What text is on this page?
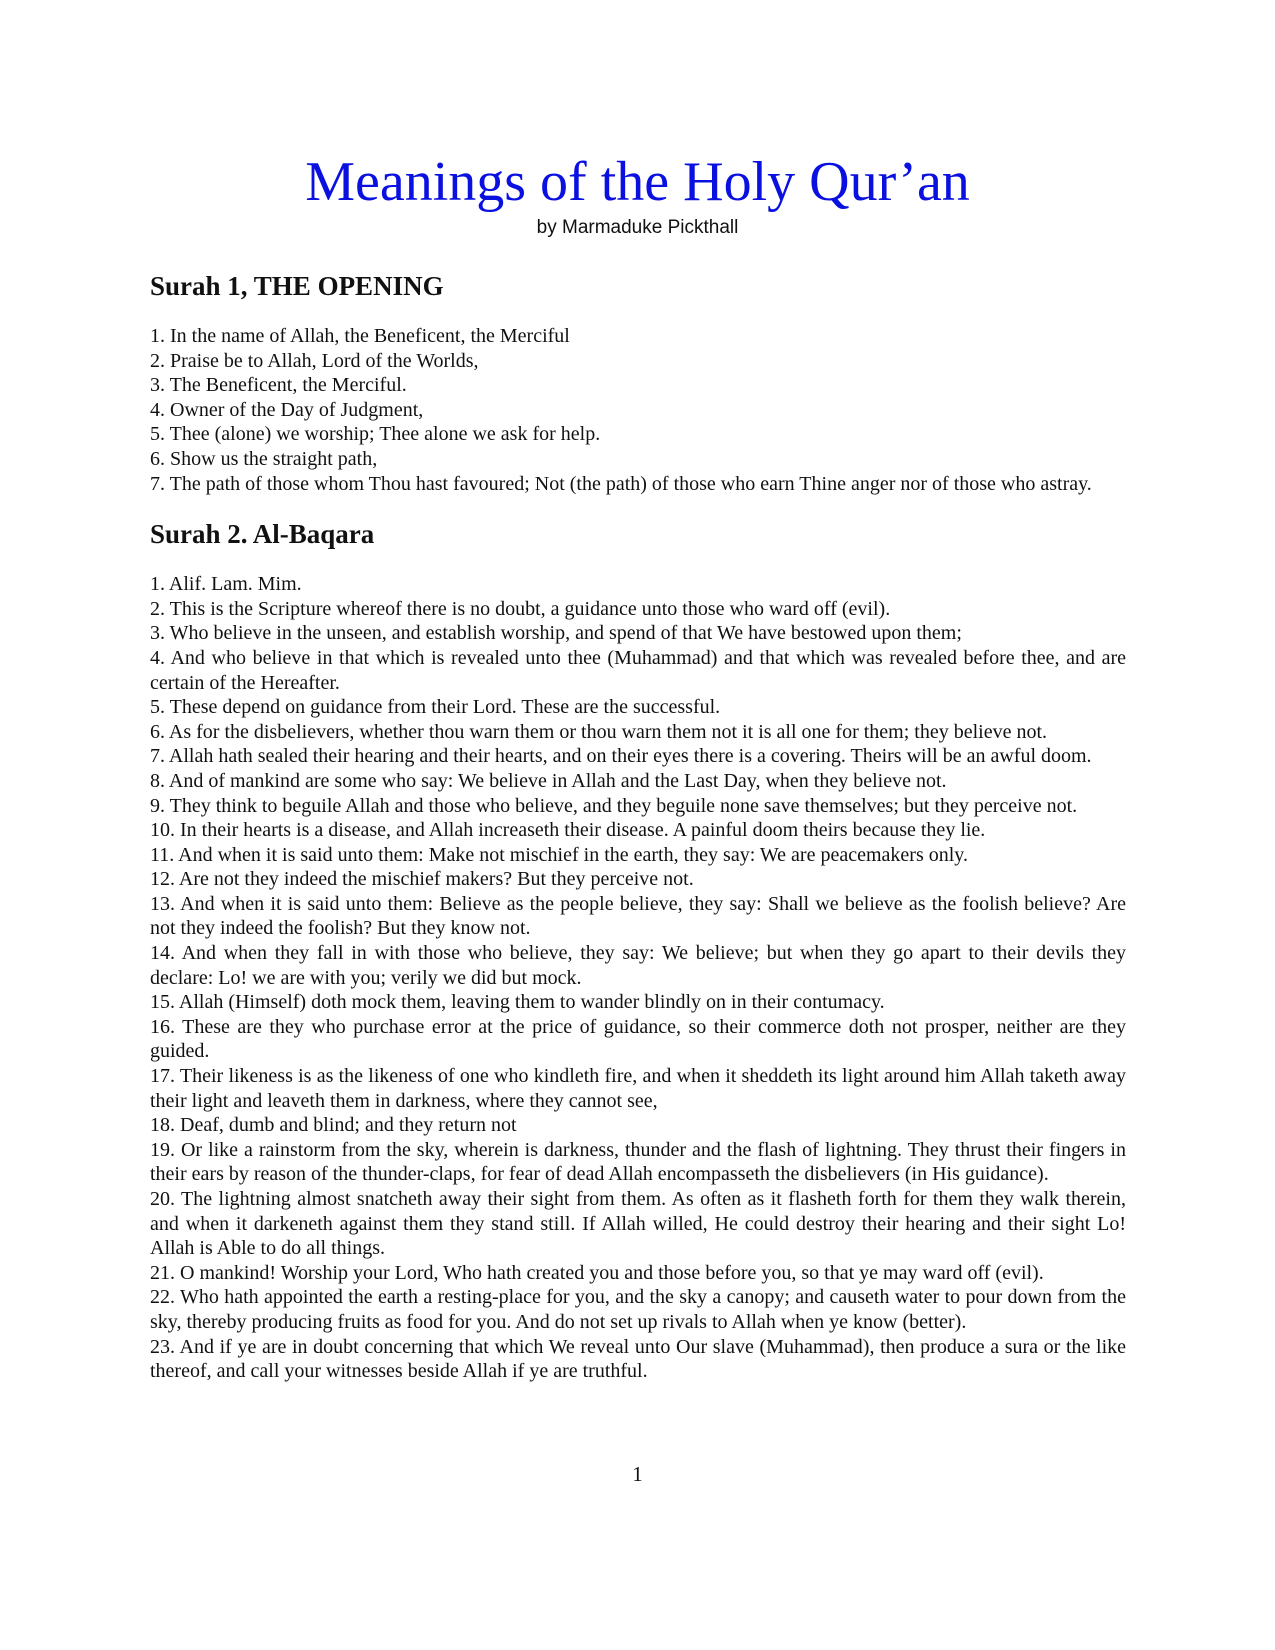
Meanings of the Holy Qur’an
by Marmaduke Pickthall
Surah 1, THE OPENING
1. In the name of Allah, the Beneficent, the Merciful
2. Praise be to Allah, Lord of the Worlds,
3. The Beneficent, the Merciful.
4. Owner of the Day of Judgment,
5. Thee (alone) we worship; Thee alone we ask for help.
6. Show us the straight path,
7. The path of those whom Thou hast favoured; Not (the path) of those who earn Thine anger nor of those who astray.
Surah 2. Al-Baqara
1. Alif. Lam. Mim.
2. This is the Scripture whereof there is no doubt, a guidance unto those who ward off (evil).
3. Who believe in the unseen, and establish worship, and spend of that We have bestowed upon them;
4. And who believe in that which is revealed unto thee (Muhammad) and that which was revealed before thee, and are certain of the Hereafter.
5. These depend on guidance from their Lord. These are the successful.
6. As for the disbelievers, whether thou warn them or thou warn them not it is all one for them; they believe not.
7. Allah hath sealed their hearing and their hearts, and on their eyes there is a covering. Theirs will be an awful doom.
8. And of mankind are some who say: We believe in Allah and the Last Day, when they believe not.
9. They think to beguile Allah and those who believe, and they beguile none save themselves; but they perceive not.
10. In their hearts is a disease, and Allah increaseth their disease. A painful doom theirs because they lie.
11. And when it is said unto them: Make not mischief in the earth, they say: We are peacemakers only.
12. Are not they indeed the mischief makers? But they perceive not.
13. And when it is said unto them: Believe as the people believe, they say: Shall we believe as the foolish believe? Are not they indeed the foolish? But they know not.
14. And when they fall in with those who believe, they say: We believe; but when they go apart to their devils they declare: Lo! we are with you; verily we did but mock.
15. Allah (Himself) doth mock them, leaving them to wander blindly on in their contumacy.
16. These are they who purchase error at the price of guidance, so their commerce doth not prosper, neither are they guided.
17. Their likeness is as the likeness of one who kindleth fire, and when it sheddeth its light around him Allah taketh away their light and leaveth them in darkness, where they cannot see,
18. Deaf, dumb and blind; and they return not
19. Or like a rainstorm from the sky, wherein is darkness, thunder and the flash of lightning. They thrust their fingers in their ears by reason of the thunder-claps, for fear of dead Allah encompasseth the disbelievers (in His guidance).
20. The lightning almost snatcheth away their sight from them. As often as it flasheth forth for them they walk therein, and when it darkeneth against them they stand still. If Allah willed, He could destroy their hearing and their sight Lo! Allah is Able to do all things.
21. O mankind! Worship your Lord, Who hath created you and those before you, so that ye may ward off (evil).
22. Who hath appointed the earth a resting-place for you, and the sky a canopy; and causeth water to pour down from the sky, thereby producing fruits as food for you. And do not set up rivals to Allah when ye know (better).
23. And if ye are in doubt concerning that which We reveal unto Our slave (Muhammad), then produce a sura or the like thereof, and call your witnesses beside Allah if ye are truthful.
1
